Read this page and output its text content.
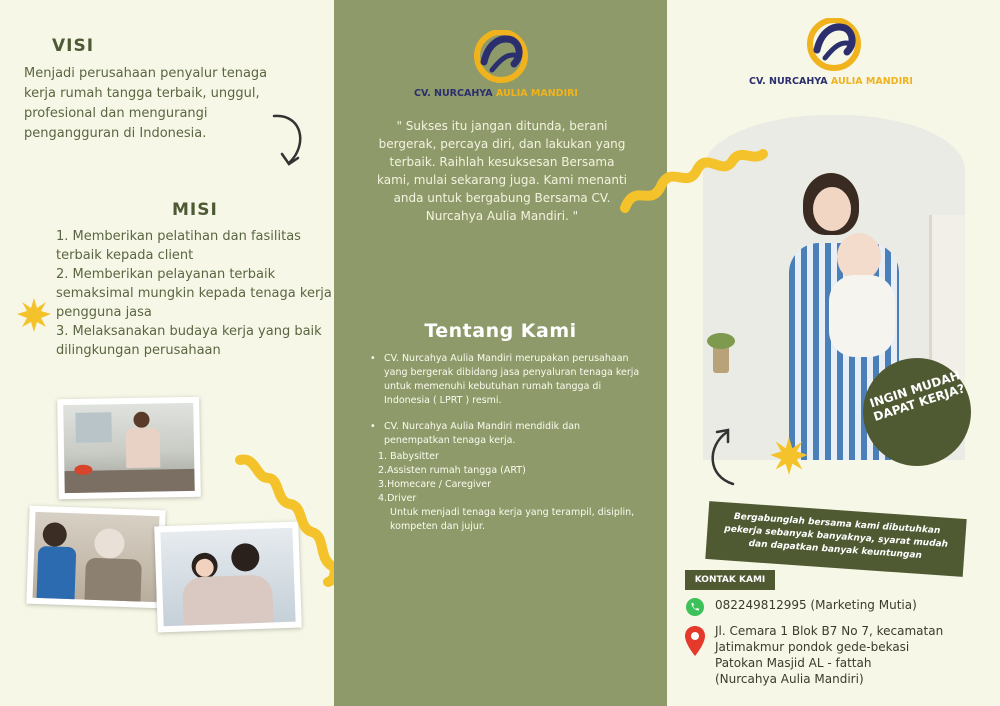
VISI
Menjadi perusahaan penyalur tenaga kerja rumah tangga terbaik, unggul, profesional dan mengurangi pengangguran di Indonesia.
MISI
1. Memberikan pelatihan dan fasilitas terbaik kepada client
2. Memberikan pelayanan terbaik semaksimal mungkin kepada tenaga kerja pengguna jasa
3. Melaksanakan budaya kerja yang baik dilingkungan perusahaan
CV. NURCAHYA AULIA MANDIRI
" Sukses itu jangan ditunda, berani bergerak, percaya diri, dan lakukan yang terbaik. Raihlah kesuksesan Bersama kami, mulai sekarang juga. Kami menanti anda untuk bergabung Bersama CV. Nurcahya Aulia Mandiri. "
Tentang Kami
• CV. Nurcahya Aulia Mandiri merupakan perusahaan yang bergerak dibidang jasa penyaluran tenaga kerja untuk memenuhi kebutuhan rumah tangga di Indonesia ( LPRT ) resmi.
• CV. Nurcahya Aulia Mandiri mendidik dan penempatkan tenaga kerja.
1. Babysitter
2.Assisten rumah tangga (ART)
3.Homecare / Caregiver
4.Driver
Untuk menjadi tenaga kerja yang terampil, disiplin, kompeten dan jujur.
CV. NURCAHYA AULIA MANDIRI
INGIN MUDAH DAPAT KERJA?
Bergabunglah bersama kami dibutuhkan pekerja sebanyak banyaknya, syarat mudah dan dapatkan banyak keuntungan
KONTAK KAMI
082249812995 (Marketing Mutia)
Jl. Cemara 1 Blok B7 No 7, kecamatan
Jatimakmur pondok gede-bekasi
Patokan Masjid AL - fattah
(Nurcahya Aulia Mandiri)
